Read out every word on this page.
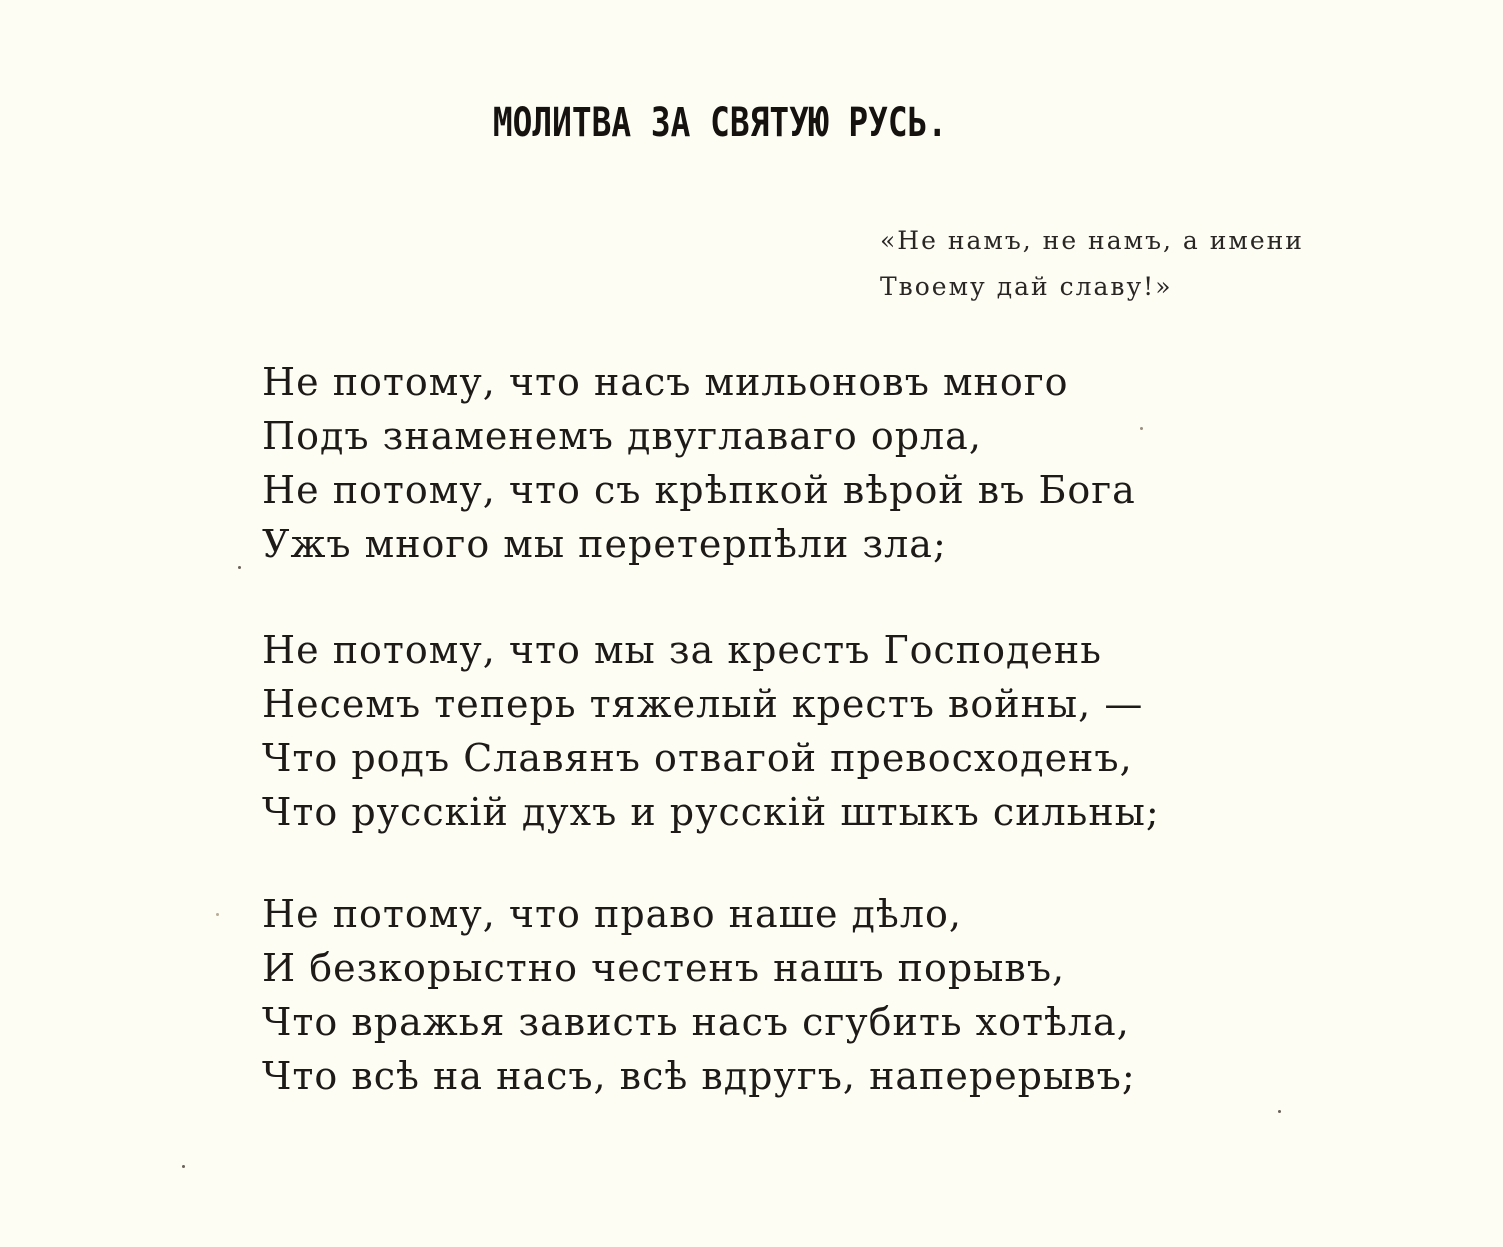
МОЛИТВА ЗА СВЯТУЮ РУСЬ.
«Не намъ, не намъ, а имени
Твоему дай славу!»
Не потому, что насъ мильоновъ много
Подъ знаменемъ двуглаваго орла,
Не потому, что съ крѣпкой вѣрой въ Бога
Ужъ много мы перетерпѣли зла;
Не потому, что мы за крестъ Господень
Несемъ теперь тяжелый крестъ войны, —
Что родъ Славянъ отвагой превосходенъ,
Что русскій духъ и русскій штыкъ сильны;
Не потому, что право наше дѣло,
И безкорыстно честенъ нашъ порывъ,
Что вражья зависть насъ сгубить хотѣла,
Что всѣ на насъ, всѣ вдругъ, наперерывъ;
